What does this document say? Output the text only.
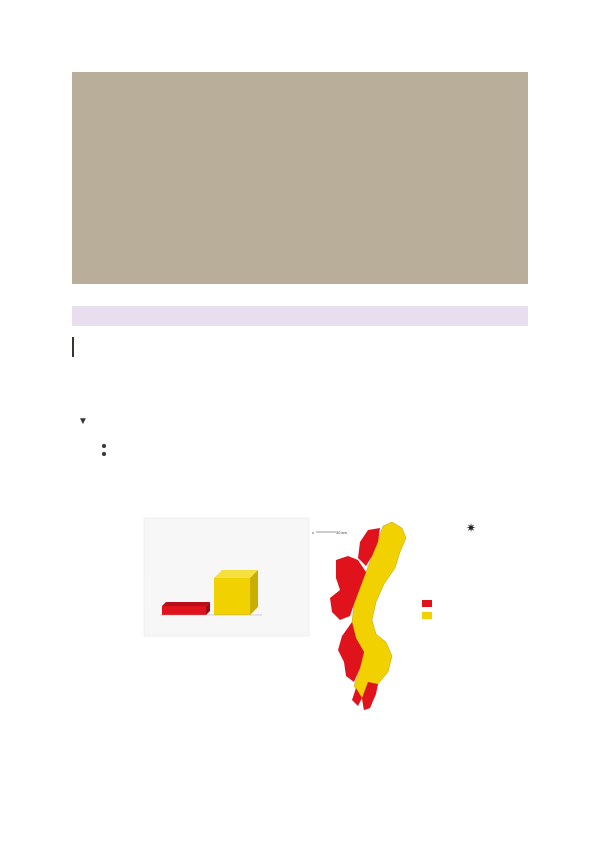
▼
·
·
·
·
x	30 km	✷
